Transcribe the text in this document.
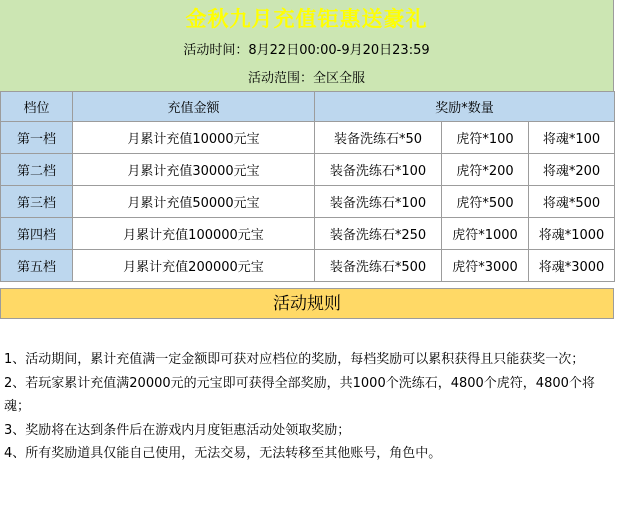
金秋九月充值钜惠送豪礼
活动时间：8月22日00:00-9月20日23:59
活动范围：全区全服
档位	充值金额	奖励*数量		
第一档	月累计充值10000元宝	装备洗练石*50	虎符*100	将魂*100
第二档	月累计充值30000元宝	装备洗练石*100	虎符*200	将魂*200
第三档	月累计充值50000元宝	装备洗练石*100	虎符*500	将魂*500
第四档	月累计充值100000元宝	装备洗练石*250	虎符*1000	将魂*1000
第五档	月累计充值200000元宝	装备洗练石*500	虎符*3000	将魂*3000
活动规则

1、活动期间，累计充值满一定金额即可获对应档位的奖励，每档奖励可以累积获得且只能获奖一次；

2、若玩家累计充值满20000元的元宝即可获得全部奖励，共1000个洗练石，4800个虎符，4800个将魂；

3、奖励将在达到条件后在游戏内月度钜惠活动处领取奖励；

4、所有奖励道具仅能自己使用，无法交易，无法转移至其他账号，角色中。
